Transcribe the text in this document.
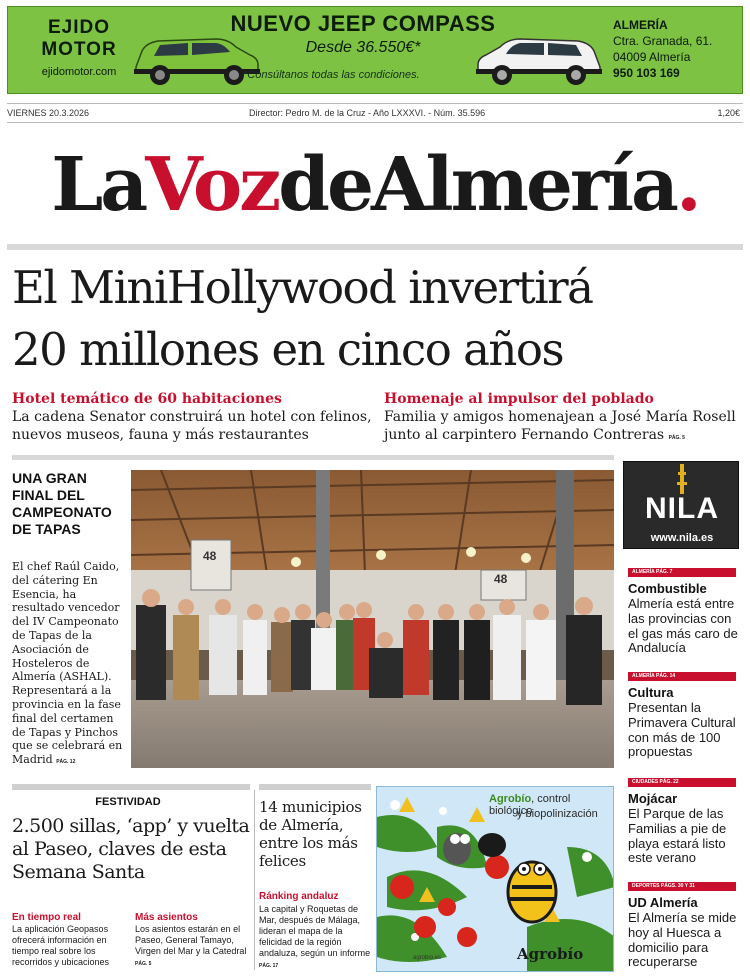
EJIDO
MOTOR
ejidomotor.com
NUEVO JEEP COMPASS
Desde 36.550€*
*Consúltanos todas las condiciones.
ALMERÍA
Ctra. Granada, 61.
04009 Almería
950 103 169
VIERNES 20.3.2026	Director: Pedro M. de la Cruz - Año LXXXVI. - Núm. 35.596	1,20€
LaVozdeAlmería.
El MiniHollywood invertirá
20 millones en cinco años
Hotel temático de 60 habitaciones
La cadena Senator construirá un hotel con felinos, nuevos museos, fauna y más restaurantes
Homenaje al impulsor del poblado
Familia y amigos homenajean a José María Rosell junto al carpintero Fernando Contreras PÁG. 5
UNA GRAN FINAL DEL CAMPEONATO DE TAPAS
El chef Raúl Caido, del cátering En Esencia, ha resultado vencedor del IV Campeonato de Tapas de la Asociación de Hosteleros de Almería (ASHAL). Representará a la provincia en la fase final del certamen de Tapas y Pinchos que se celebrará en Madrid PÁG. 12
48
48
NILA
www.nila.es
ALMERÍA PÁG. 7
Combustible
Almería está entre las provincias con el gas más caro de Andalucía
ALMERÍA PÁG. 14
Cultura
Presentan la Primavera Cultural con más de 100 propuestas
CIUDADES PÁG. 22
Mojácar
El Parque de las Familias a pie de playa estará listo este verano
DEPORTES PÁGS. 30 Y 31
UD Almería
El Almería se mide hoy al Huesca a domicilio para recuperarse
FESTIVIDAD
2.500 sillas, ‘app’ y vuelta al Paseo, claves de esta Semana Santa
En tiempo real
La aplicación Geopasos ofrecerá información en tiempo real sobre los recorridos y ubicaciones
Más asientos
Los asientos estarán en el Paseo, General Tamayo, Virgen del Mar y la Catedral PÁG. 5
14 municipios de Almería, entre los más felices
Ránking andaluz
La capital y Roquetas de Mar, después de Málaga, lideran el mapa de la felicidad de la región andaluza, según un informe PÁG. 17
Agrobío, control biológico
y biopolinización
agrobio.es	Agrobío
